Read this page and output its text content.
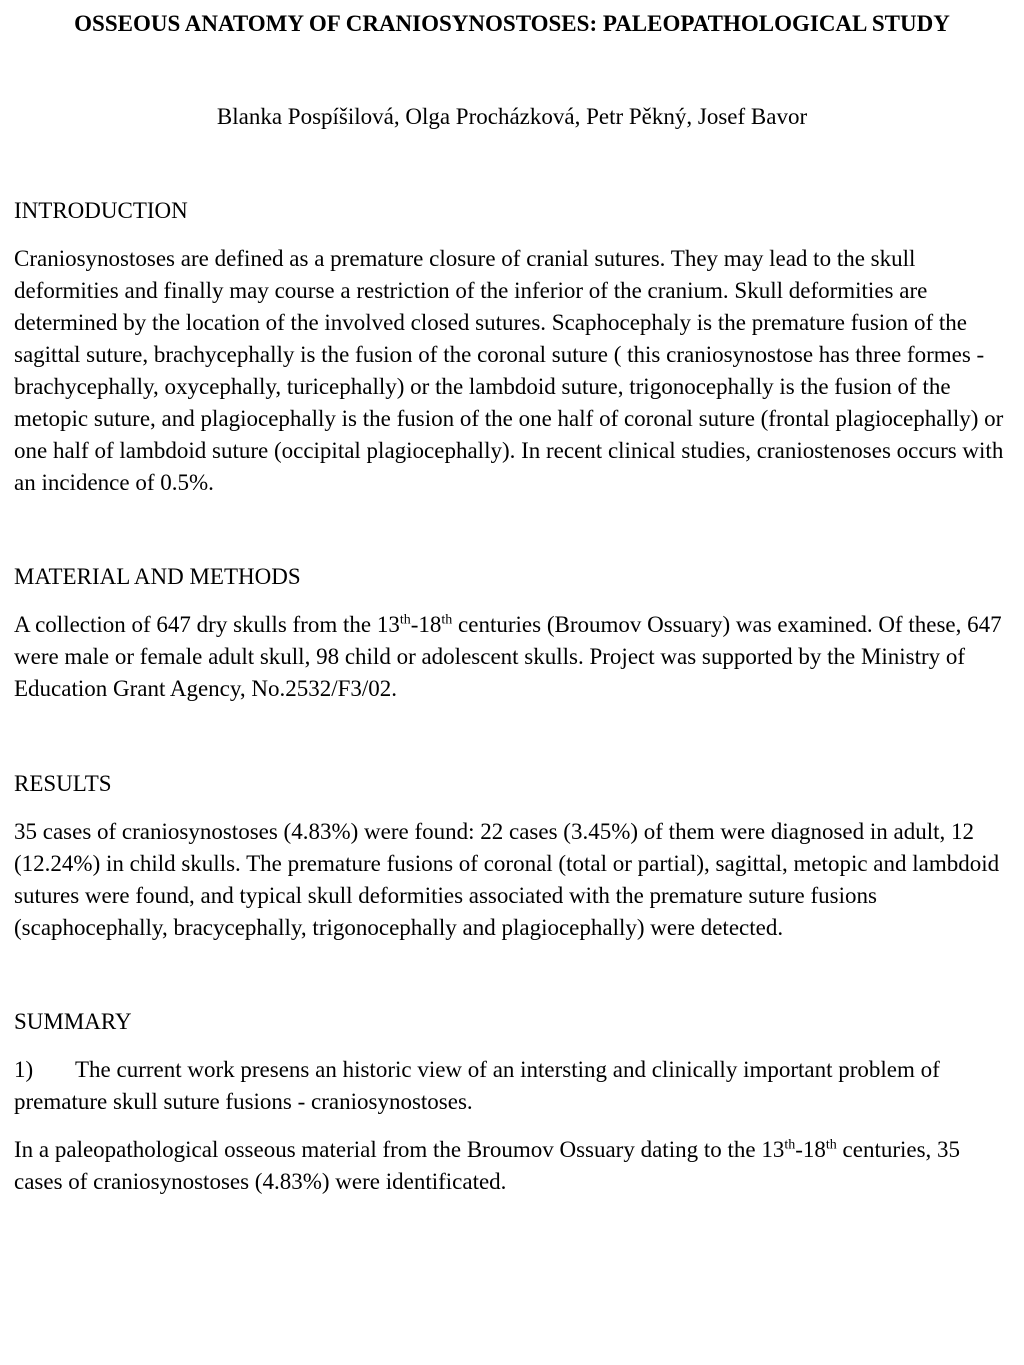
OSSEOUS ANATOMY OF CRANIOSYNOSTOSES: PALEOPATHOLOGICAL STUDY

Blanka Pospíšilová, Olga Procházková, Petr Pěkný, Josef Bavor

INTRODUCTION

Craniosynostoses are defined as a premature closure of cranial sutures. They may lead to the skull deformities and finally may course a restriction of the inferior of the cranium. Skull deformities are determined by the location of the involved closed sutures. Scaphocephaly is the premature fusion of the sagittal suture, brachycephally is the fusion of the coronal suture ( this craniosynostose has three formes - brachycephally, oxycephally, turicephally) or the lambdoid suture, trigonocephally is the fusion of the metopic suture, and plagiocephally is the fusion of the one half of coronal suture (frontal plagiocephally) or one half of lambdoid suture (occipital plagiocephally). In recent clinical studies, craniostenoses occurs with an incidence of 0.5%.

MATERIAL AND METHODS

A collection of 647 dry skulls from the 13th-18th centuries (Broumov Ossuary) was examined. Of these, 647 were male or female adult skull, 98 child or adolescent skulls. Project was supported by the Ministry of Education Grant Agency, No.2532/F3/02.

RESULTS

35 cases of craniosynostoses (4.83%) were found: 22 cases (3.45%) of them were diagnosed in adult, 12 (12.24%) in child skulls. The premature fusions of coronal (total or partial), sagittal, metopic and lambdoid sutures were found, and typical skull deformities associated with the premature suture fusions (scaphocephally, bracycephally, trigonocephally and plagiocephally) were detected.

SUMMARY

1) The current work presens an historic view of an intersting and clinically important problem of premature skull suture fusions - craniosynostoses.

In a paleopathological osseous material from the Broumov Ossuary dating to the 13th-18th centuries, 35 cases of craniosynostoses (4.83%) were identificated.
